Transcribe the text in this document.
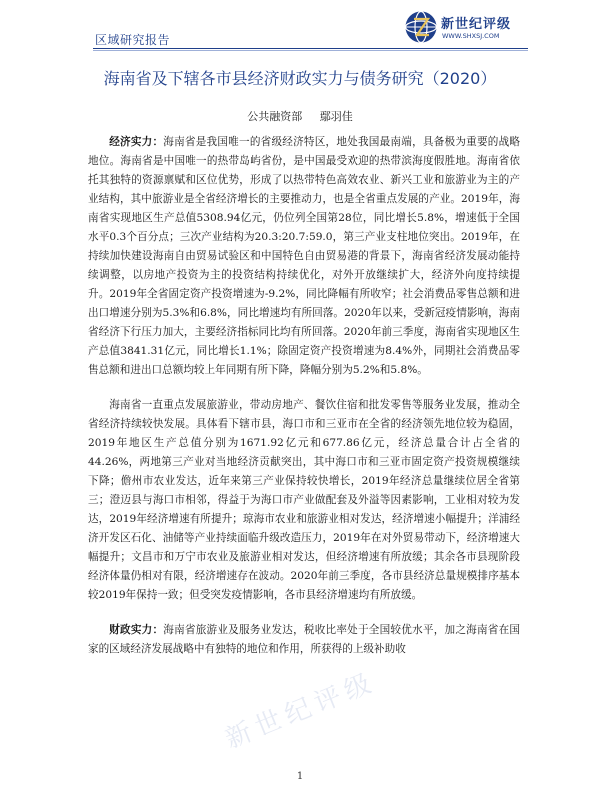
区域研究报告
新世纪评级
WWW.SHXSJ.COM
海南省及下辖各市县经济财政实力与债务研究（2020）
公共融资部 鄢羽佳

经济实力：海南省是我国唯一的省级经济特区，地处我国最南端，具备极为重要的战略地位。海南省是中国唯一的热带岛屿省份，是中国最受欢迎的热带滨海度假胜地。海南省依托其独特的资源禀赋和区位优势，形成了以热带特色高效农业、新兴工业和旅游业为主的产业结构，其中旅游业是全省经济增长的主要推动力，也是全省重点发展的产业。2019年，海南省实现地区生产总值5308.94亿元，仍位列全国第28位，同比增长5.8%，增速低于全国水平0.3个百分点；三次产业结构为20.3:20.7:59.0，第三产业支柱地位突出。2019年，在持续加快建设海南自由贸易试验区和中国特色自由贸易港的背景下，海南省经济发展动能持续调整，以房地产投资为主的投资结构持续优化，对外开放继续扩大，经济外向度持续提升。2019年全省固定资产投资增速为-9.2%，同比降幅有所收窄；社会消费品零售总额和进出口增速分别为5.3%和6.8%，同比增速均有所回落。2020年以来，受新冠疫情影响，海南省经济下行压力加大，主要经济指标同比均有所回落。2020年前三季度，海南省实现地区生产总值3841.31亿元，同比增长1.1%；除固定资产投资增速为8.4%外，同期社会消费品零售总额和进出口总额均较上年同期有所下降，降幅分别为5.2%和5.8%。

海南省一直重点发展旅游业，带动房地产、餐饮住宿和批发零售等服务业发展，推动全省经济持续较快发展。具体看下辖市县，海口市和三亚市在全省的经济领先地位较为稳固，2019年地区生产总值分别为1671.92亿元和677.86亿元，经济总量合计占全省的44.26%，两地第三产业对当地经济贡献突出，其中海口市和三亚市固定资产投资规模继续下降；儋州市农业发达，近年来第三产业保持较快增长，2019年经济总量继续位居全省第三；澄迈县与海口市相邻，得益于为海口市产业做配套及外溢等因素影响，工业相对较为发达，2019年经济增速有所提升；琼海市农业和旅游业相对发达，经济增速小幅提升；洋浦经济开发区石化、油储等产业持续面临升级改造压力，2019年在对外贸易带动下，经济增速大幅提升；文昌市和万宁市农业及旅游业相对发达，但经济增速有所放缓；其余各市县现阶段经济体量仍相对有限，经济增速存在波动。2020年前三季度，各市县经济总量规模排序基本较2019年保持一致；但受突发疫情影响，各市县经济增速均有所放缓。

财政实力：海南省旅游业及服务业发达，税收比率处于全国较优水平，加之海南省在国家的区域经济发展战略中有独特的地位和作用，所获得的上级补助收

新世纪评级
1
